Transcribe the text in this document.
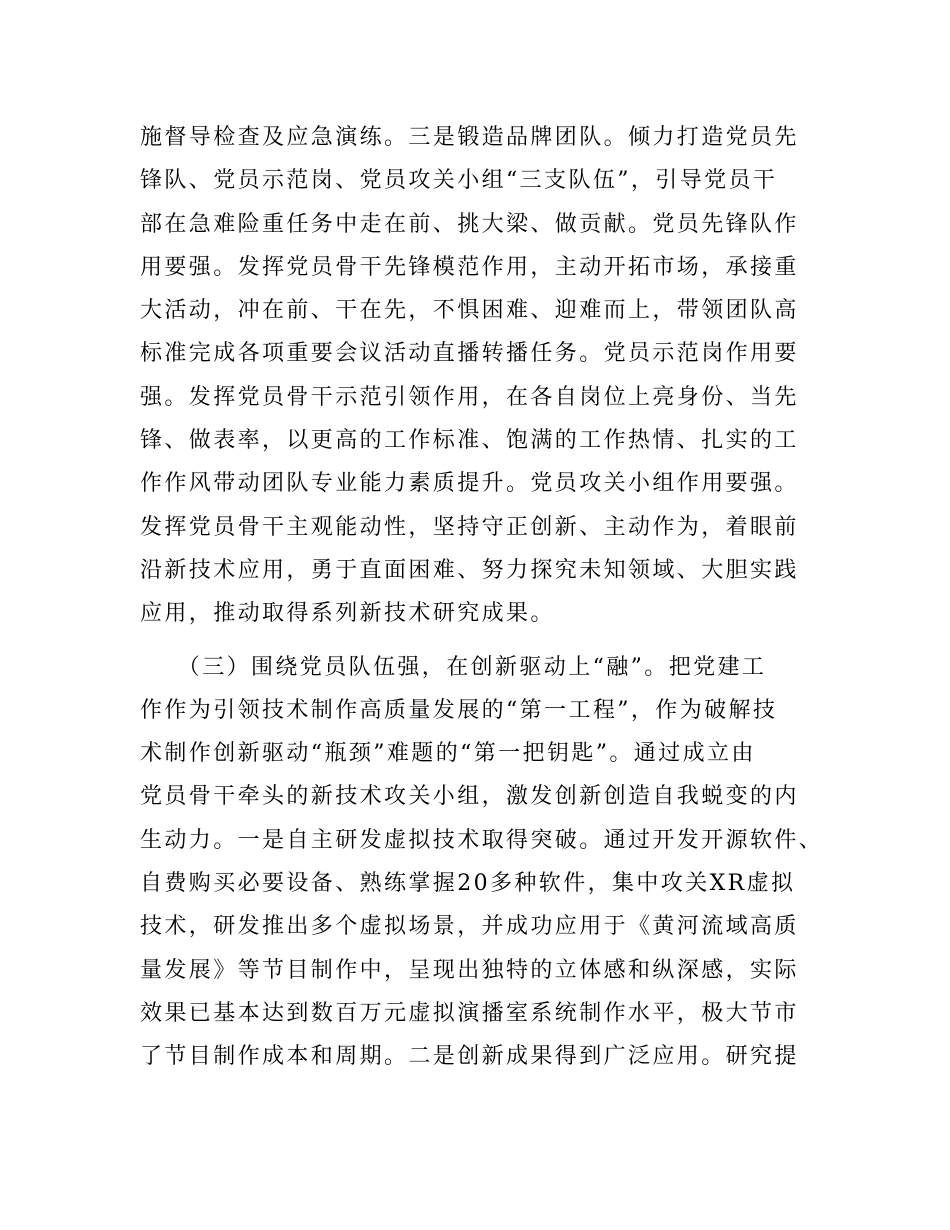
施督导检查及应急演练。三是锻造品牌团队。倾力打造党员先
锋队、党员示范岗、党员攻关小组“三支队伍”，引导党员干
部在急难险重任务中走在前、挑大梁、做贡献。党员先锋队作
用要强。发挥党员骨干先锋模范作用，主动开拓市场，承接重
大活动，冲在前、干在先，不惧困难、迎难而上，带领团队高
标准完成各项重要会议活动直播转播任务。党员示范岗作用要
强。发挥党员骨干示范引领作用，在各自岗位上亮身份、当先
锋、做表率，以更高的工作标准、饱满的工作热情、扎实的工
作作风带动团队专业能力素质提升。党员攻关小组作用要强。
发挥党员骨干主观能动性，坚持守正创新、主动作为，着眼前
沿新技术应用，勇于直面困难、努力探究未知领域、大胆实践
应用，推动取得系列新技术研究成果。
　　（三）围绕党员队伍强，在创新驱动上“融”。把党建工
作作为引领技术制作高质量发展的“第一工程”，作为破解技
术制作创新驱动“瓶颈”难题的“第一把钥匙”。通过成立由
党员骨干牵头的新技术攻关小组，激发创新创造自我蜕变的内
生动力。一是自主研发虚拟技术取得突破。通过开发开源软件、
自费购买必要设备、熟练掌握20多种软件，集中攻关XR虚拟
技术，研发推出多个虚拟场景，并成功应用于《黄河流域高质
量发展》等节目制作中，呈现出独特的立体感和纵深感，实际
效果已基本达到数百万元虚拟演播室系统制作水平，极大节市
了节目制作成本和周期。二是创新成果得到广泛应用。研究提
